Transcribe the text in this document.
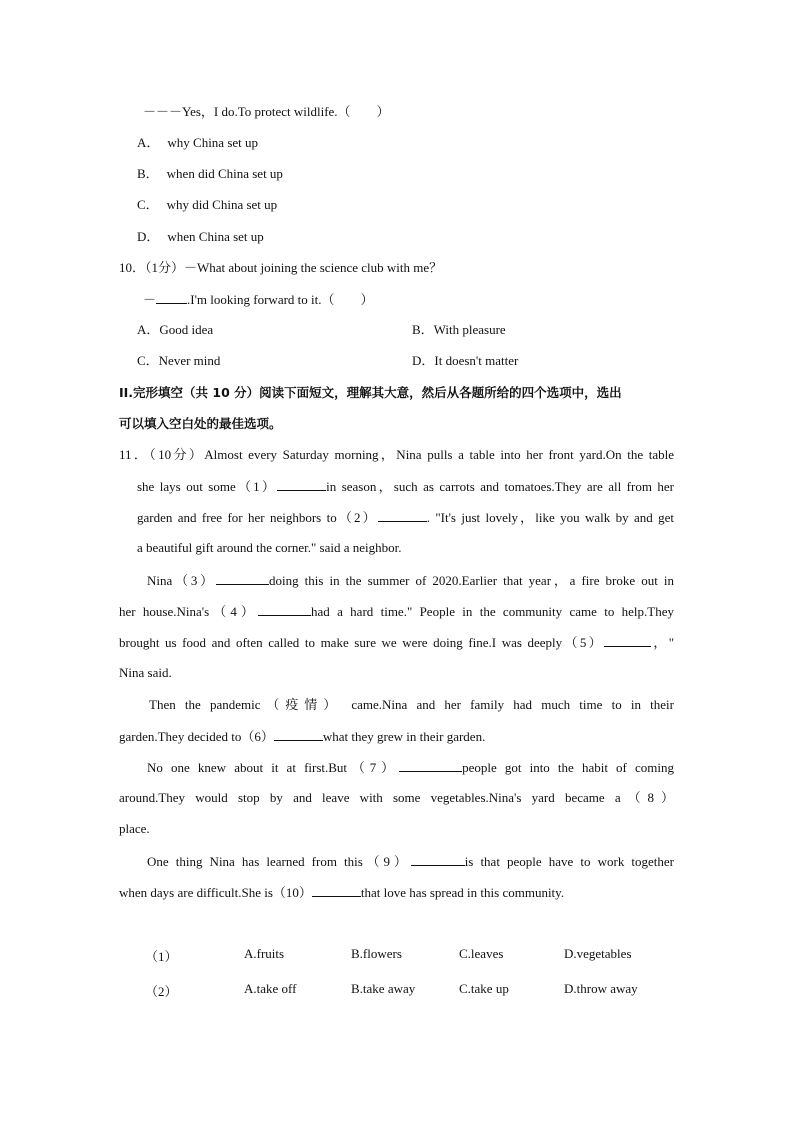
－－－Yes，I do.To protect wildlife.（　　）
A． why China set up
B． when did China set up
C． why did China set up
D． when China set up
10．（1分）－What about joining the science club with me？
－ .I'm looking forward to it.（　　）
A．Good idea	B．With pleasure
C．Never mind	D．It doesn't matter
II.完形填空（共 10 分）阅读下面短文，理解其大意，然后从各题所给的四个选项中，选出
可以填入空白处的最佳选项。
11．（10分）Almost every Saturday morning，Nina pulls a table into her front yard.On the table
she lays out some（1）	in season，such as carrots and tomatoes.They are all from her
garden and free for her neighbors to（2）	. "It's just lovely，like you walk by and get
a beautiful gift around the corner." said a neighbor.
Nina（3）	doing this in the summer of 2020.Earlier that year，a fire broke out in
her house.Nina's（4）	had a hard time." People in the community came to help.They
brought us food and often called to make sure we were doing fine.I was deeply（5）	，"
Nina said.
Then the pandemic（疫情） came.Nina and her family had much time to in their
garden.They decided to（6）	what they grew in their garden.
No one knew about it at first.But（7）	people got into the habit of coming
around.They would stop by and leave with some vegetables.Nina's yard became a（8）
place.
One thing Nina has learned from this（9）	is that people have to work together
when days are difficult.She is（10）	that love has spread in this community.
（1）	A.fruits	B.flowers	C.leaves	D.vegetables
（2）	A.take off	B.take away	C.take up	D.throw away
